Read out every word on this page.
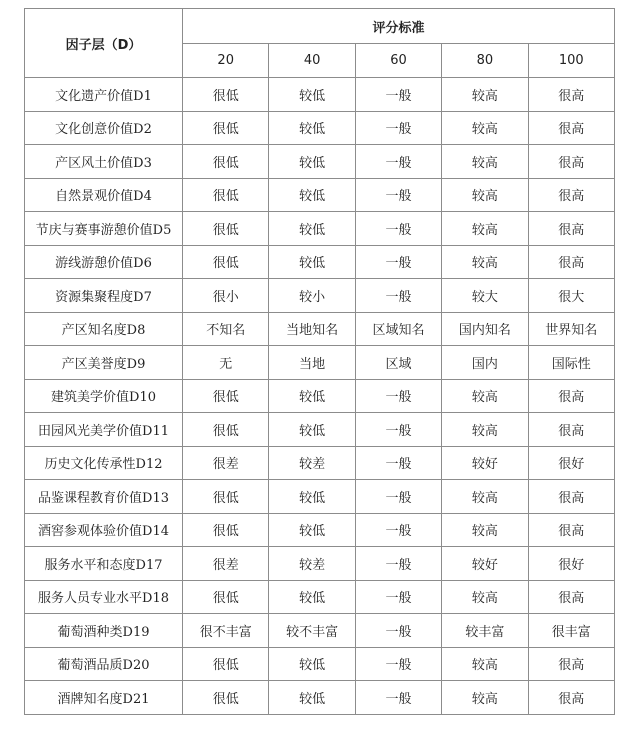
因子层（D）	评分标准				
	20	40	60	80	100
文化遗产价值D1	很低	较低	一般	较高	很高
文化创意价值D2	很低	较低	一般	较高	很高
产区风土价值D3	很低	较低	一般	较高	很高
自然景观价值D4	很低	较低	一般	较高	很高
节庆与赛事游憩价值D5	很低	较低	一般	较高	很高
游线游憩价值D6	很低	较低	一般	较高	很高
资源集聚程度D7	很小	较小	一般	较大	很大
产区知名度D8	不知名	当地知名	区域知名	国内知名	世界知名
产区美誉度D9	无	当地	区域	国内	国际性
建筑美学价值D10	很低	较低	一般	较高	很高
田园风光美学价值D11	很低	较低	一般	较高	很高
历史文化传承性D12	很差	较差	一般	较好	很好
品鉴课程教育价值D13	很低	较低	一般	较高	很高
酒窖参观体验价值D14	很低	较低	一般	较高	很高
服务水平和态度D17	很差	较差	一般	较好	很好
服务人员专业水平D18	很低	较低	一般	较高	很高
葡萄酒种类D19	很不丰富	较不丰富	一般	较丰富	很丰富
葡萄酒品质D20	很低	较低	一般	较高	很高
酒牌知名度D21	很低	较低	一般	较高	很高
